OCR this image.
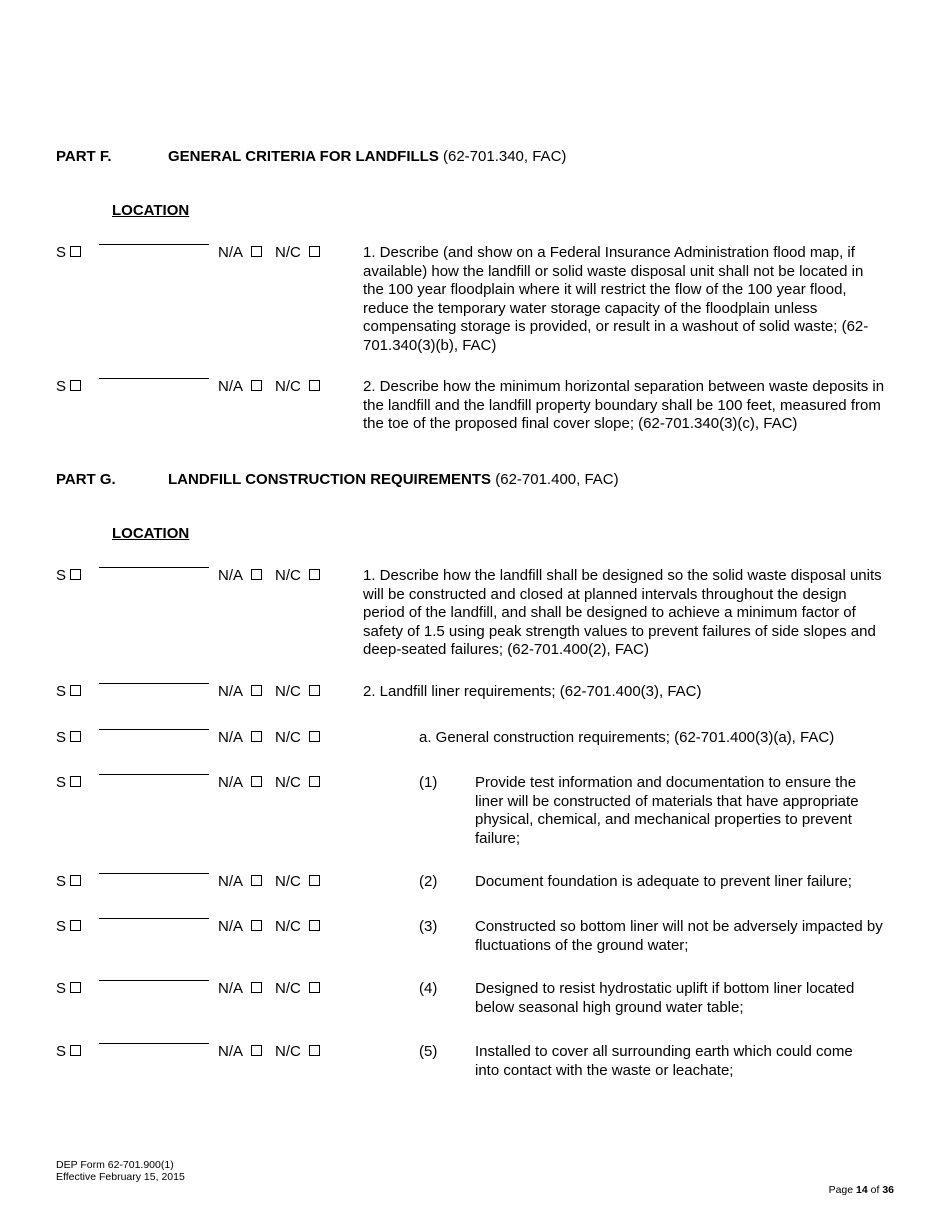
PART F.	GENERAL CRITERIA FOR LANDFILLS (62-701.340, FAC)
LOCATION
S	N/A N/C	1. Describe (and show on a Federal Insurance Administration flood map, if available) how the landfill or solid waste disposal unit shall not be located in the 100 year floodplain where it will restrict the flow of the 100 year flood, reduce the temporary water storage capacity of the floodplain unless compensating storage is provided, or result in a washout of solid waste; (62-701.340(3)(b), FAC)
S	N/A N/C	2. Describe how the minimum horizontal separation between waste deposits in the landfill and the landfill property boundary shall be 100 feet, measured from the toe of the proposed final cover slope; (62-701.340(3)(c), FAC)
PART G.	LANDFILL CONSTRUCTION REQUIREMENTS (62-701.400, FAC)
LOCATION
S	N/A N/C	1. Describe how the landfill shall be designed so the solid waste disposal units will be constructed and closed at planned intervals throughout the design period of the landfill, and shall be designed to achieve a minimum factor of safety of 1.5 using peak strength values to prevent failures of side slopes and deep-seated failures; (62-701.400(2), FAC)
S	N/A N/C	2. Landfill liner requirements; (62-701.400(3), FAC)
S	N/A N/C	a. General construction requirements; (62-701.400(3)(a), FAC)
S	N/A N/C	(1)	Provide test information and documentation to ensure the liner will be constructed of materials that have appropriate physical, chemical, and mechanical properties to prevent failure;
S	N/A N/C	(2)	Document foundation is adequate to prevent liner failure;
S	N/A N/C	(3)	Constructed so bottom liner will not be adversely impacted by fluctuations of the ground water;
S	N/A N/C	(4)	Designed to resist hydrostatic uplift if bottom liner located below seasonal high ground water table;
S	N/A N/C	(5)	Installed to cover all surrounding earth which could come into contact with the waste or leachate;
DEP Form 62-701.900(1)
Effective February 15, 2015
Page 14 of 36
